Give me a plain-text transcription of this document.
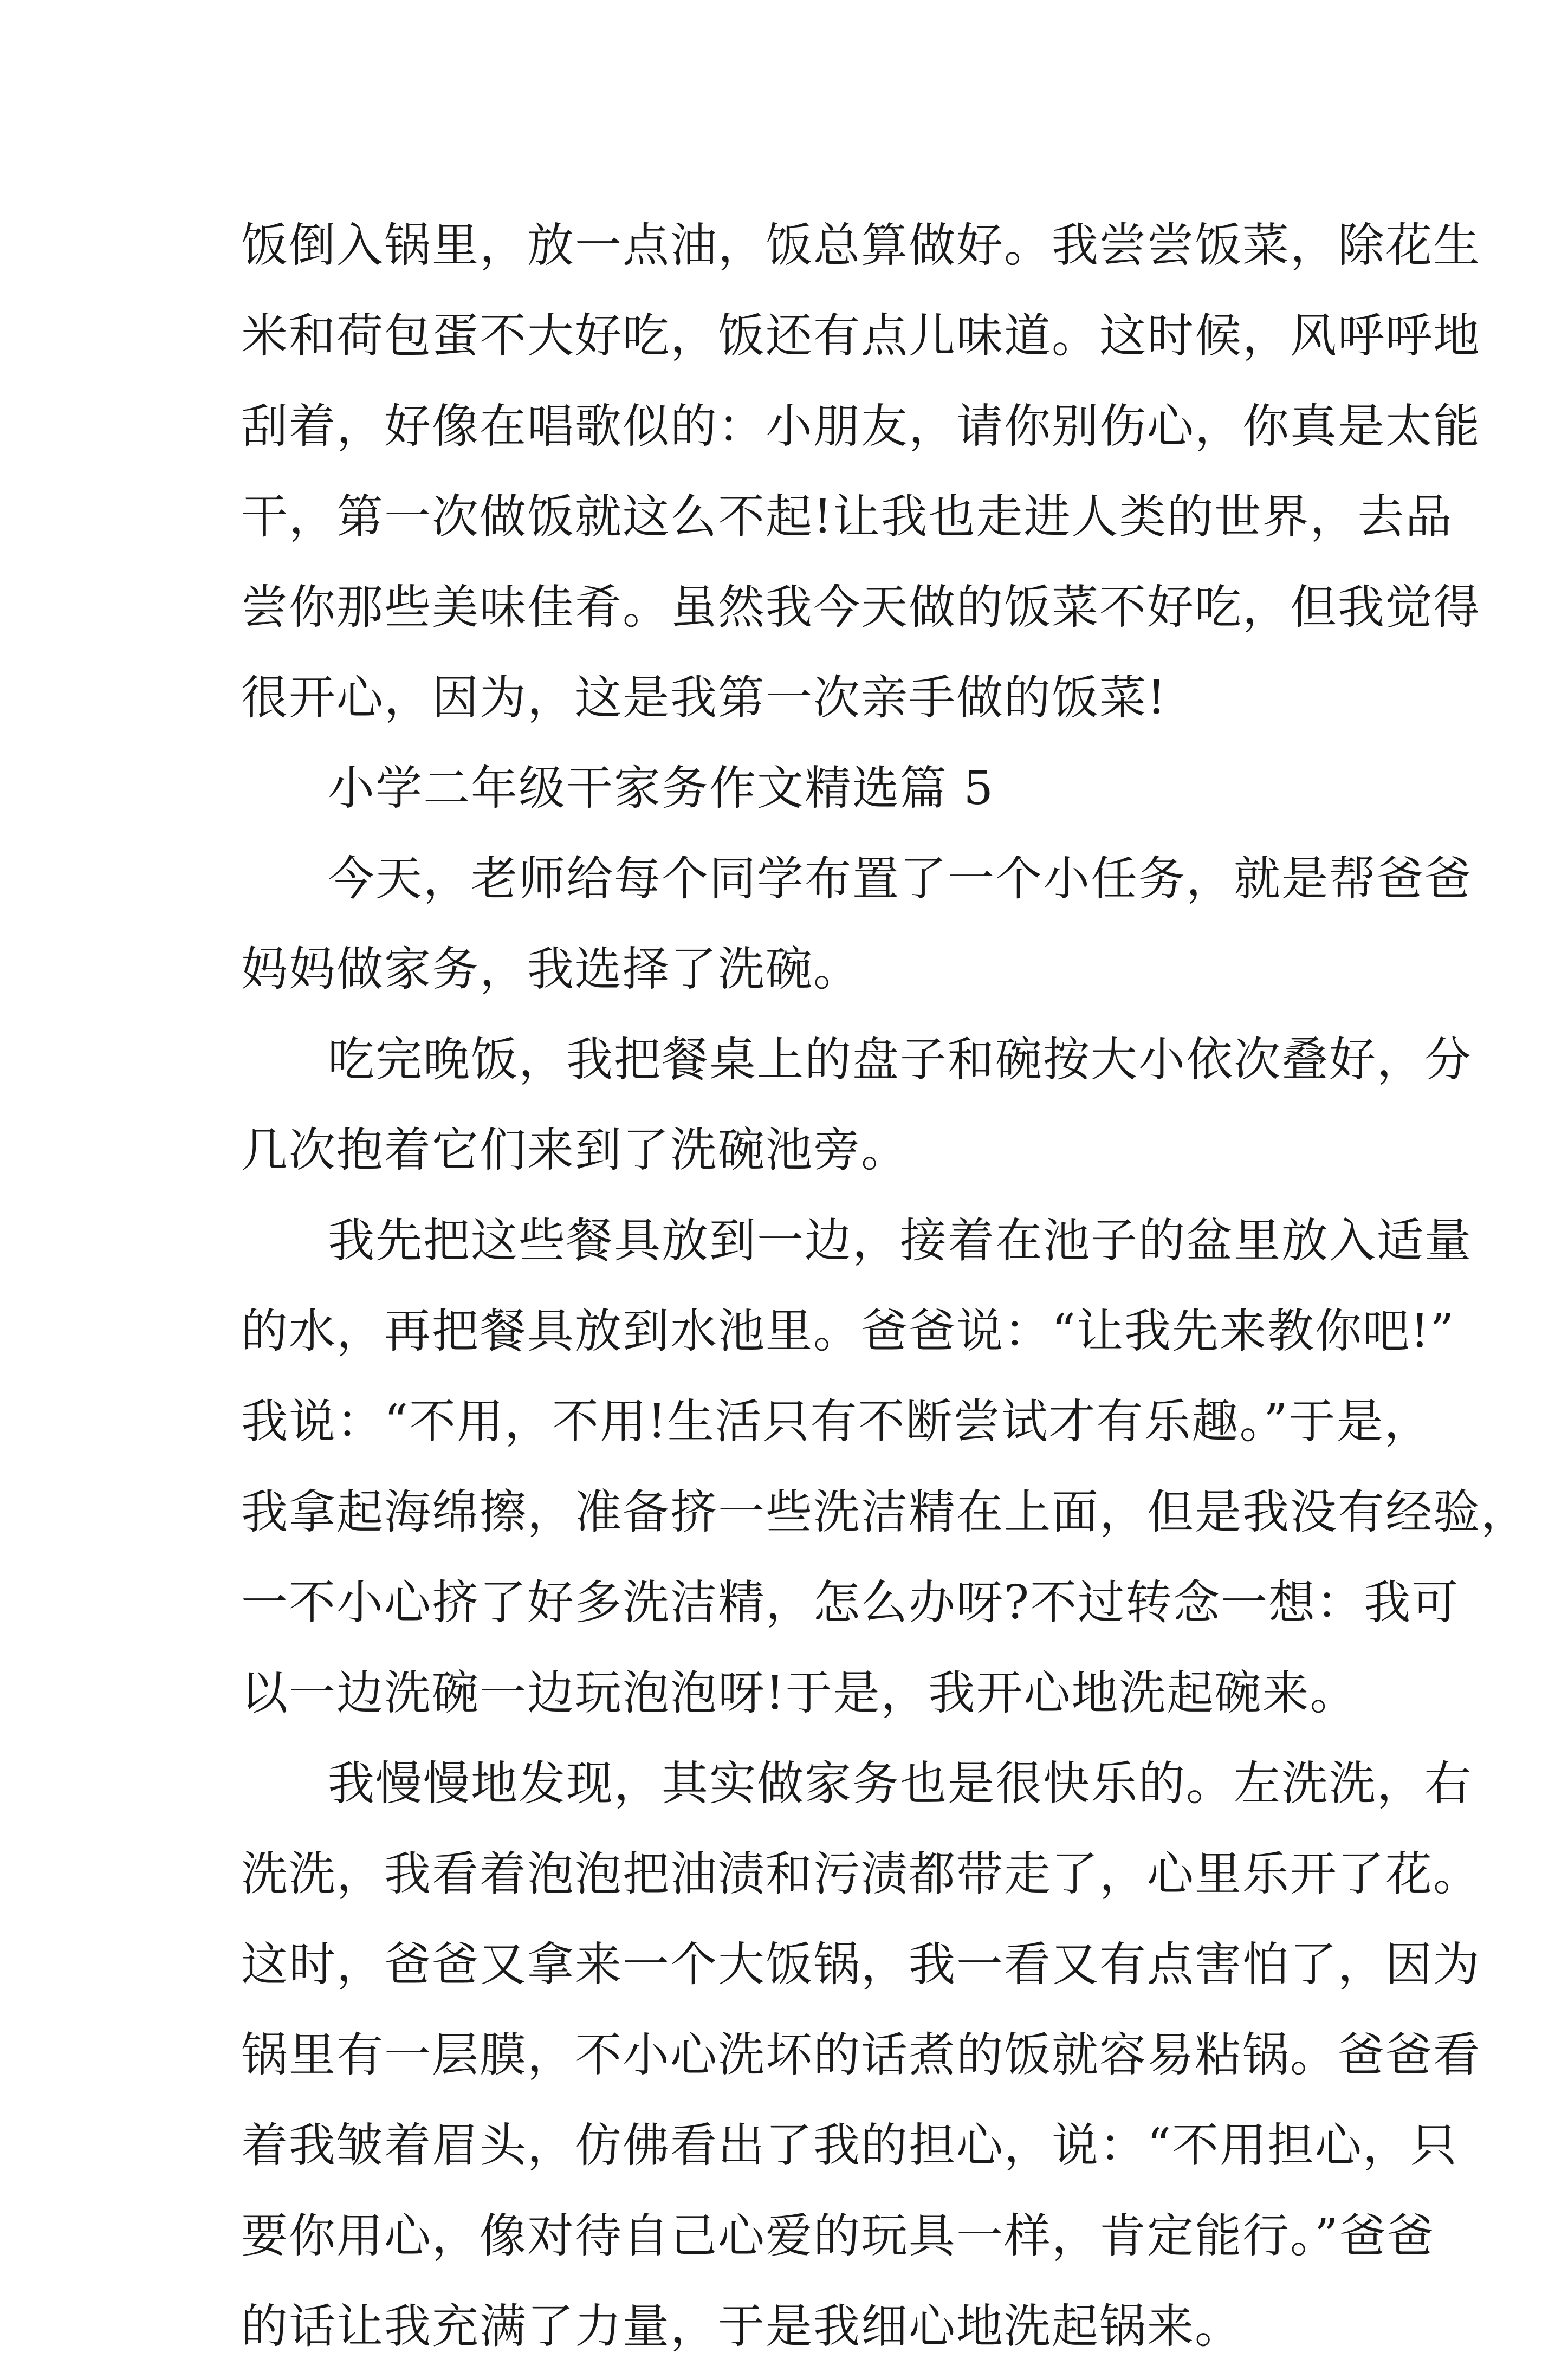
饭倒入锅里，放一点油，饭总算做好。我尝尝饭菜，除花生
米和荷包蛋不大好吃，饭还有点儿味道。这时候，风呼呼地
刮着，好像在唱歌似的：小朋友，请你别伤心，你真是太能
干，第一次做饭就这么不起!让我也走进人类的世界，去品
尝你那些美味佳肴。虽然我今天做的饭菜不好吃，但我觉得
很开心，因为，这是我第一次亲手做的饭菜!
小学二年级干家务作文精选篇 5
今天，老师给每个同学布置了一个小任务，就是帮爸爸
妈妈做家务，我选择了洗碗。
吃完晚饭，我把餐桌上的盘子和碗按大小依次叠好，分
几次抱着它们来到了洗碗池旁。
我先把这些餐具放到一边，接着在池子的盆里放入适量
的水，再把餐具放到水池里。爸爸说：“让我先来教你吧!”
我说：“不用，不用!生活只有不断尝试才有乐趣。”于是，
我拿起海绵擦，准备挤一些洗洁精在上面，但是我没有经验，
一不小心挤了好多洗洁精，怎么办呀?不过转念一想：我可
以一边洗碗一边玩泡泡呀!于是，我开心地洗起碗来。
我慢慢地发现，其实做家务也是很快乐的。左洗洗，右
洗洗，我看着泡泡把油渍和污渍都带走了，心里乐开了花。
这时，爸爸又拿来一个大饭锅，我一看又有点害怕了，因为
锅里有一层膜，不小心洗坏的话煮的饭就容易粘锅。爸爸看
着我皱着眉头，仿佛看出了我的担心，说：“不用担心，只
要你用心，像对待自己心爱的玩具一样，肯定能行。”爸爸
的话让我充满了力量，于是我细心地洗起锅来。
